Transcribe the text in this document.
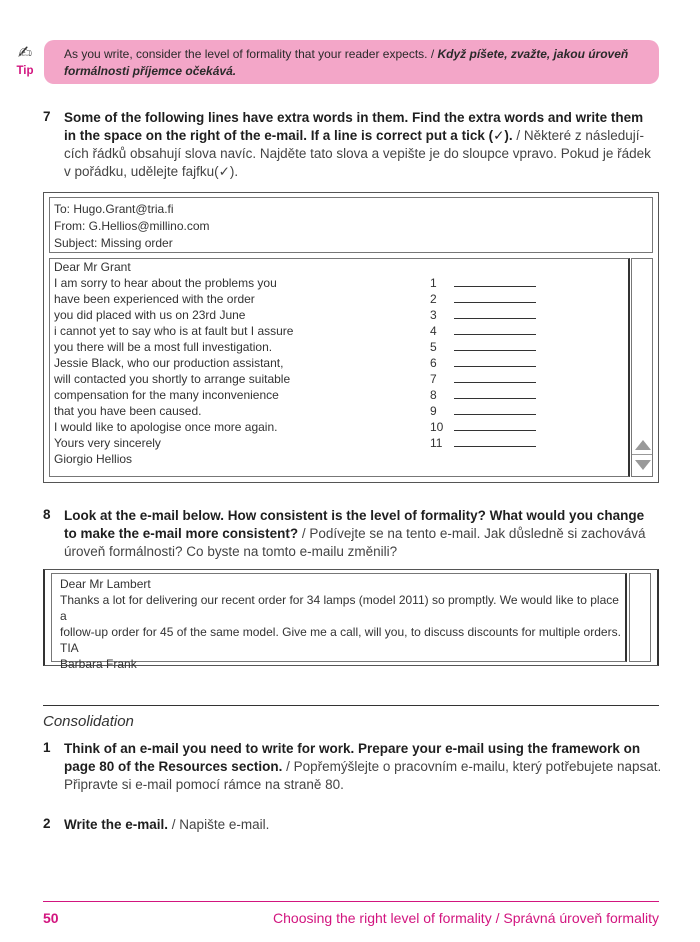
✍
Tip
As you write, consider the level of formality that your reader expects. / Když píšete, zvažte, jakou úroveň
formálnosti příjemce očekává.
7 Some of the following lines have extra words in them. Find the extra words and write them
in the space on the right of the e-mail. If a line is correct put a tick (✓). / Některé z následují-
cích řádků obsahují slova navíc. Najděte tato slova a vepište je do sloupce vpravo. Pokud je řádek
v pořádku, udělejte fajfku(✓).
To: Hugo.Grant@tria.fi
From: G.Hellios@millino.com
Subject: Missing order
Dear Mr Grant
I am sorry to hear about the problems you	1
have been experienced with the order	2
you did placed with us on 23rd June	3
i cannot yet to say who is at fault but I assure	4
you there will be a most full investigation.	5
Jessie Black, who our production assistant,	6
will contacted you shortly to arrange suitable	7
compensation for the many inconvenience	8
that you have been caused.	9
I would like to apologise once more again.	10
Yours very sincerely	11
Giorgio Hellios
8 Look at the e-mail below. How consistent is the level of formality? What would you change
to make the e-mail more consistent? / Podívejte se na tento e-mail. Jak důsledně si zachovává
úroveň formálnosti? Co byste na tomto e-mailu změnili?
Dear Mr Lambert
Thanks a lot for delivering our recent order for 34 lamps (model 2011) so promptly. We would like to place a
follow-up order for 45 of the same model. Give me a call, will you, to discuss discounts for multiple orders.
TIA
Barbara Frank
Consolidation
1 Think of an e-mail you need to write for work. Prepare your e-mail using the framework on
page 80 of the Resources section. / Popřemýšlejte o pracovním e-mailu, který potřebujete napsat.
Připravte si e-mail pomocí rámce na straně 80.
2 Write the e-mail. / Napište e-mail.
50	Choosing the right level of formality / Správná úroveň formality
